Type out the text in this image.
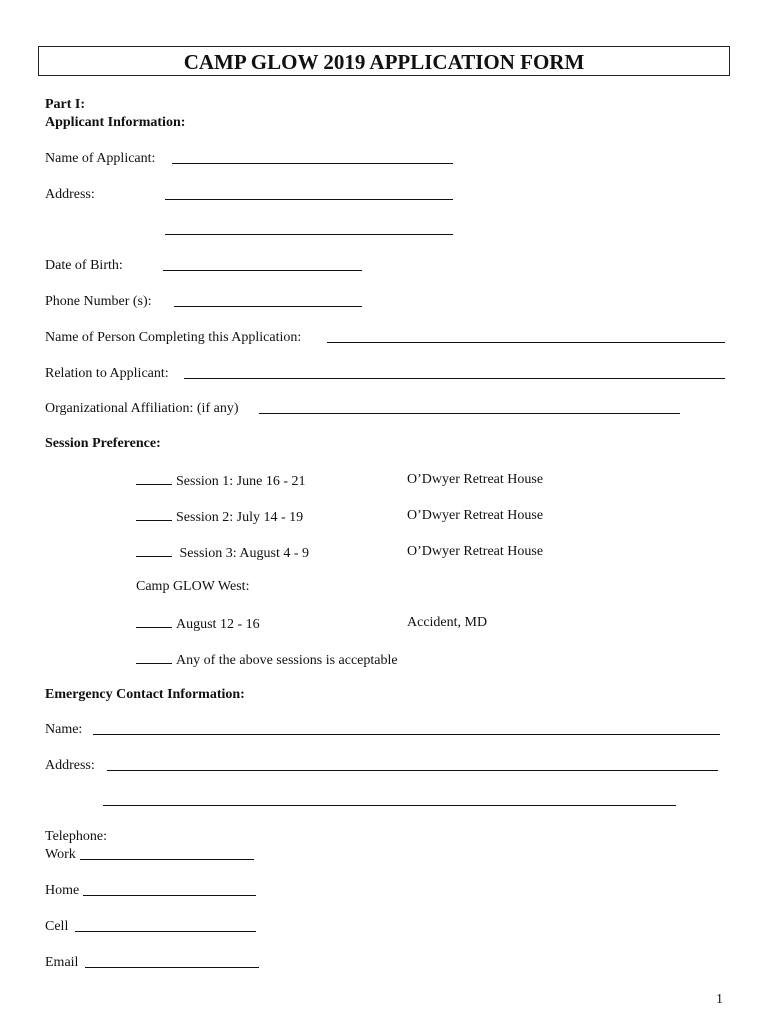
CAMP GLOW 2019 APPLICATION FORM
Part I:
Applicant Information:
Name of Applicant:
Address:
Date of Birth:
Phone Number (s):
Name of Person Completing this Application:
Relation to Applicant:
Organizational Affiliation: (if any)
Session Preference:
Session 1: June 16 - 21	O’Dwyer Retreat House
Session 2: July 14 - 19	O’Dwyer Retreat House
Session 3: August 4 - 9	O’Dwyer Retreat House
Camp GLOW West:
August 12 - 16	Accident, MD
Any of the above sessions is acceptable
Emergency Contact Information:
Name:
Address:
Telephone:
Work
Home
Cell
Email
1
